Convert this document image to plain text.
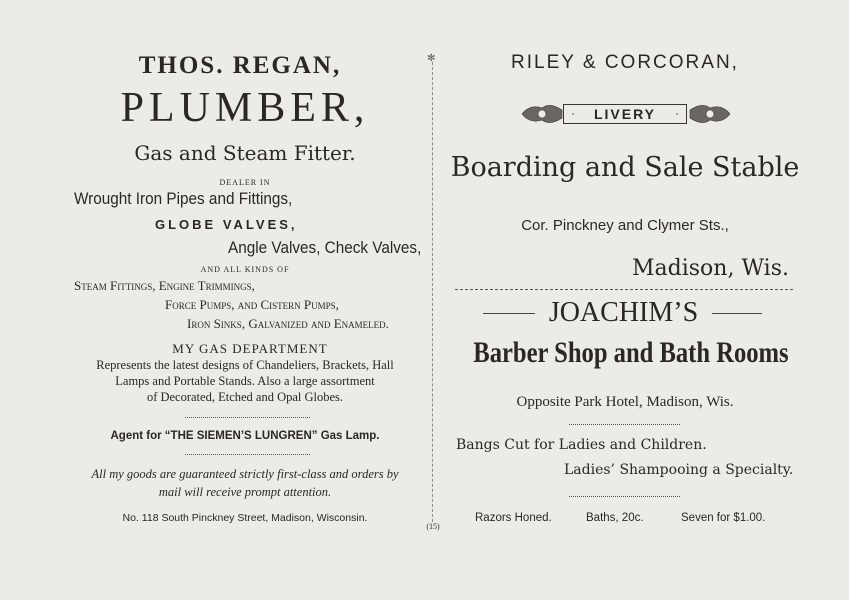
THOS. REGAN,
PLUMBER,
Gas and Steam Fitter.
DEALER IN
Wrought Iron Pipes and Fittings,
GLOBE VALVES,
Angle Valves, Check Valves,
AND ALL KINDS OF
Steam Fittings, Engine Trimmings,
Force Pumps, and Cistern Pumps,
Iron Sinks, Galvanized and Enameled.
MY GAS DEPARTMENT
Represents the latest designs of Chandeliers, Brackets, Hall
Lamps and Portable Stands. Also a large assortment
of Decorated, Etched and Opal Globes.
Agent for “THE SIEMEN’S LUNGREN” Gas Lamp.
All my goods are guaranteed strictly first-class and orders by
mail will receive prompt attention.
No. 118 South Pinckney Street, Madison, Wisconsin.
✻
(15)
RILEY & CORCORAN,
LIVERY
·	·
Boarding and Sale Stable
Cor. Pinckney and Clymer Sts.,
Madison, Wis.
JOACHIM’S
Barber Shop and Bath Rooms
Opposite Park Hotel, Madison, Wis.
Bangs Cut for Ladies and Children.
Ladies’ Shampooing a Specialty.
Razors Honed.	Baths, 20c.	Seven for $1.00.
